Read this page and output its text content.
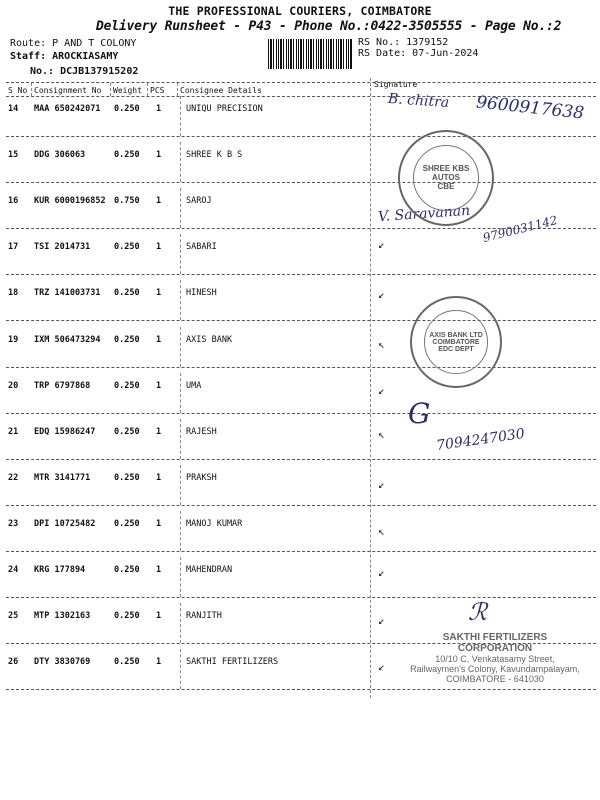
THE PROFESSIONAL COURIERS, COIMBATORE
Delivery Runsheet - P43 - Phone No.:0422-3505555 - Page No.:2
Route: P AND T COLONY
Staff: AROCKIASAMY
No.: DCJB137915202
RS No.: 1379152
RS Date: 07-Jun-2024
S No Consignment No Weight PCS Consignee Details
Signature
14 MAA 650242071 0.250 1	UNIQU PRECISION
15 DDG 306063	0.250 1	SHREE K B S
16 KUR 6000196852 0.750 1	SAROJ
17 TSI 2014731	0.250 1	SABARI
18 TRZ 141003731 0.250 1	HINESH
19 IXM 506473294 0.250 1	AXIS BANK
20 TRP 6797868	0.250 1	UMA
21 EDQ 15986247 0.250 1	RAJESH
22 MTR 3141771	0.250 1	PRAKSH
23 DPI 10725482 0.250 1	MANOJ KUMAR
24 KRG 177894	0.250 1	MAHENDRAN
25 MTP 1302163	0.250 1	RANJITH
26 DTY 3830769	0.250 1	SAKTHI FERTILIZERS
B. chitra 9600917638
V. Saravanan 9790031142
G
7094247030
ℛ
SHREE KBS
AUTOS
CBE
AXIS BANK LTD
COIMBATORE
EDC DEPT
SAKTHI FERTILIZERS CORPORATION
10/10 C, Venkatasamy Street,
Railwaymen's Colony, Kavundampalayam,
COIMBATORE - 641030
↙
↙
↖
↙
↖
↙
↖
↙
↙
↙
